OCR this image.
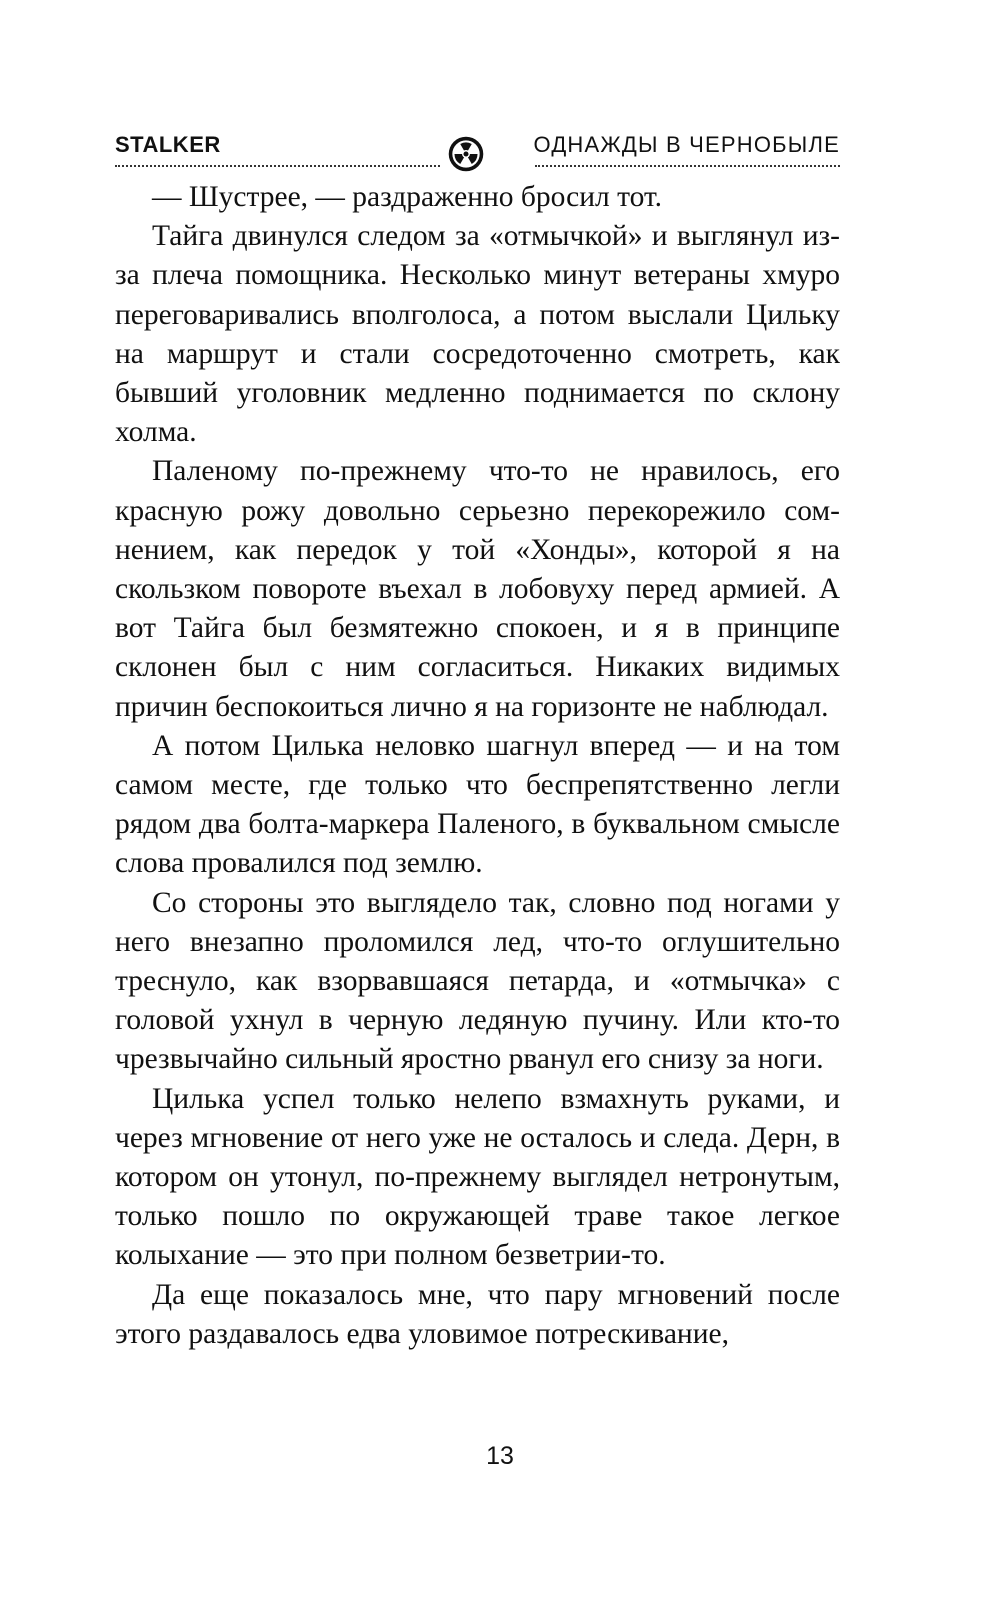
STALKER	ОДНАЖДЫ В ЧЕРНОБЫЛЕ

— Шустрее, — раздраженно бросил тот.

Тайга двинулся следом за «отмычкой» и выглянул из-за плеча помощника. Несколько минут ветераны хмуро переговаривались вполголоса, а потом выслали Цильку на маршрут и стали сосредоточенно смотреть, как бывший уголовник медленно поднимается по склону холма.

Паленому по-прежнему что-то не нравилось, его красную рожу довольно серьезно перекорежило сомнением, как передок у той «Хонды», которой я на скользком повороте въехал в лобовуху перед армией. А вот Тайга был безмятежно спокоен, и я в принципе склонен был с ним согласиться. Никаких видимых причин беспокоиться лично я на горизонте не наблюдал.

А потом Цилька неловко шагнул вперед — и на том самом месте, где только что беспрепятственно легли рядом два болта-маркера Паленого, в буквальном смысле слова провалился под землю.

Со стороны это выглядело так, словно под ногами у него внезапно проломился лед, что-то оглушительно треснуло, как взорвавшаяся петарда, и «отмычка» с головой ухнул в черную ледяную пучину. Или кто-то чрезвычайно сильный яростно рванул его снизу за ноги.

Цилька успел только нелепо взмахнуть руками, и через мгновение от него уже не осталось и следа. Дерн, в котором он утонул, по-прежнему выглядел нетронутым, только пошло по окружающей траве такое легкое колыхание — это при полном безветрии-то.

Да еще показалось мне, что пару мгновений после этого раздавалось едва уловимое потрескивание,

13
